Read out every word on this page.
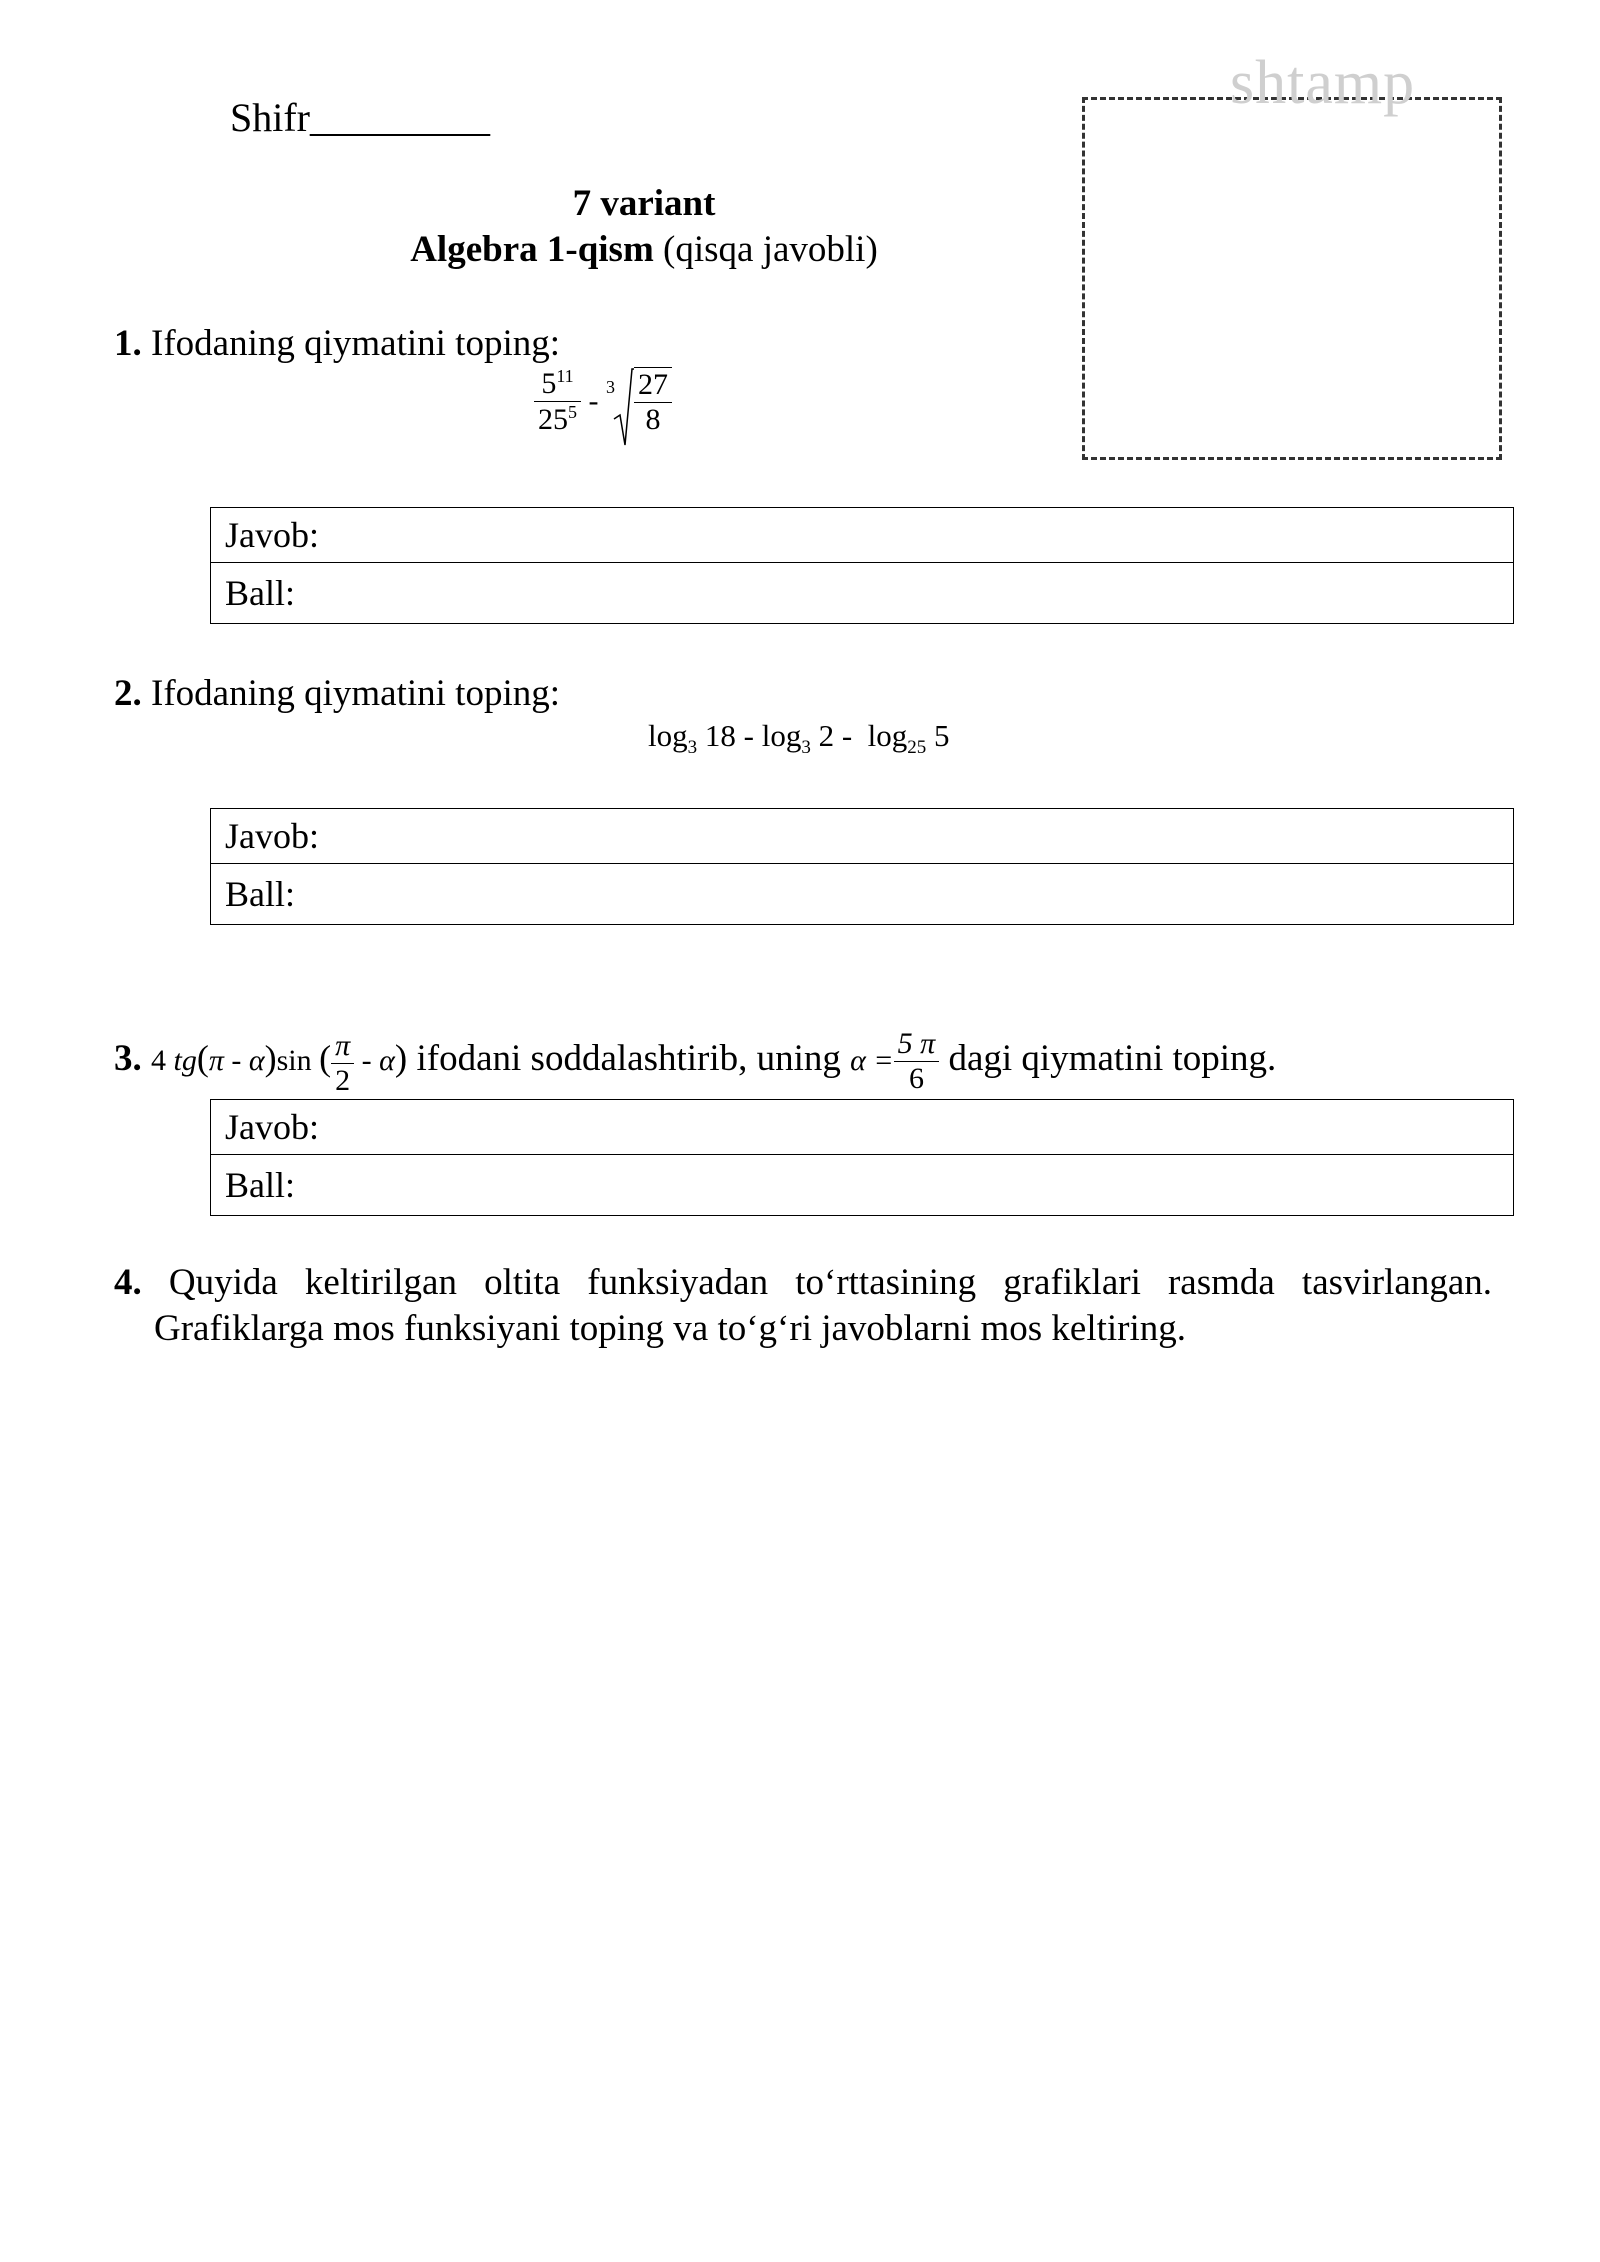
Shifr_________
shtamp
7 variant
Algebra 1-qism (qisqa javobli)
1. Ifodaning qiymatini toping:
$\frac{5^{11}}{25^5} - 3 \frac{27}{8}$
Javob:
Ball:
2. Ifodaning qiymatini toping:
$\log_3 18 - \log_3 2 - \log_{25} 5$
Javob:
Ball:
3. 4 tg(π - α)sin ( $\frac{\pi}{2} - \alpha$) ifodani soddalashtirib, uning $\alpha = \frac{5 \pi}{6}$ dagi qiymatini toping.
Javob:
Ball:
4. Quyida keltirilgan oltita funksiyadan to‘rttasining grafiklari rasmda tasvirlangan.
Grafiklarga mos funksiyani toping va to‘g‘ri javoblarni mos keltiring.
